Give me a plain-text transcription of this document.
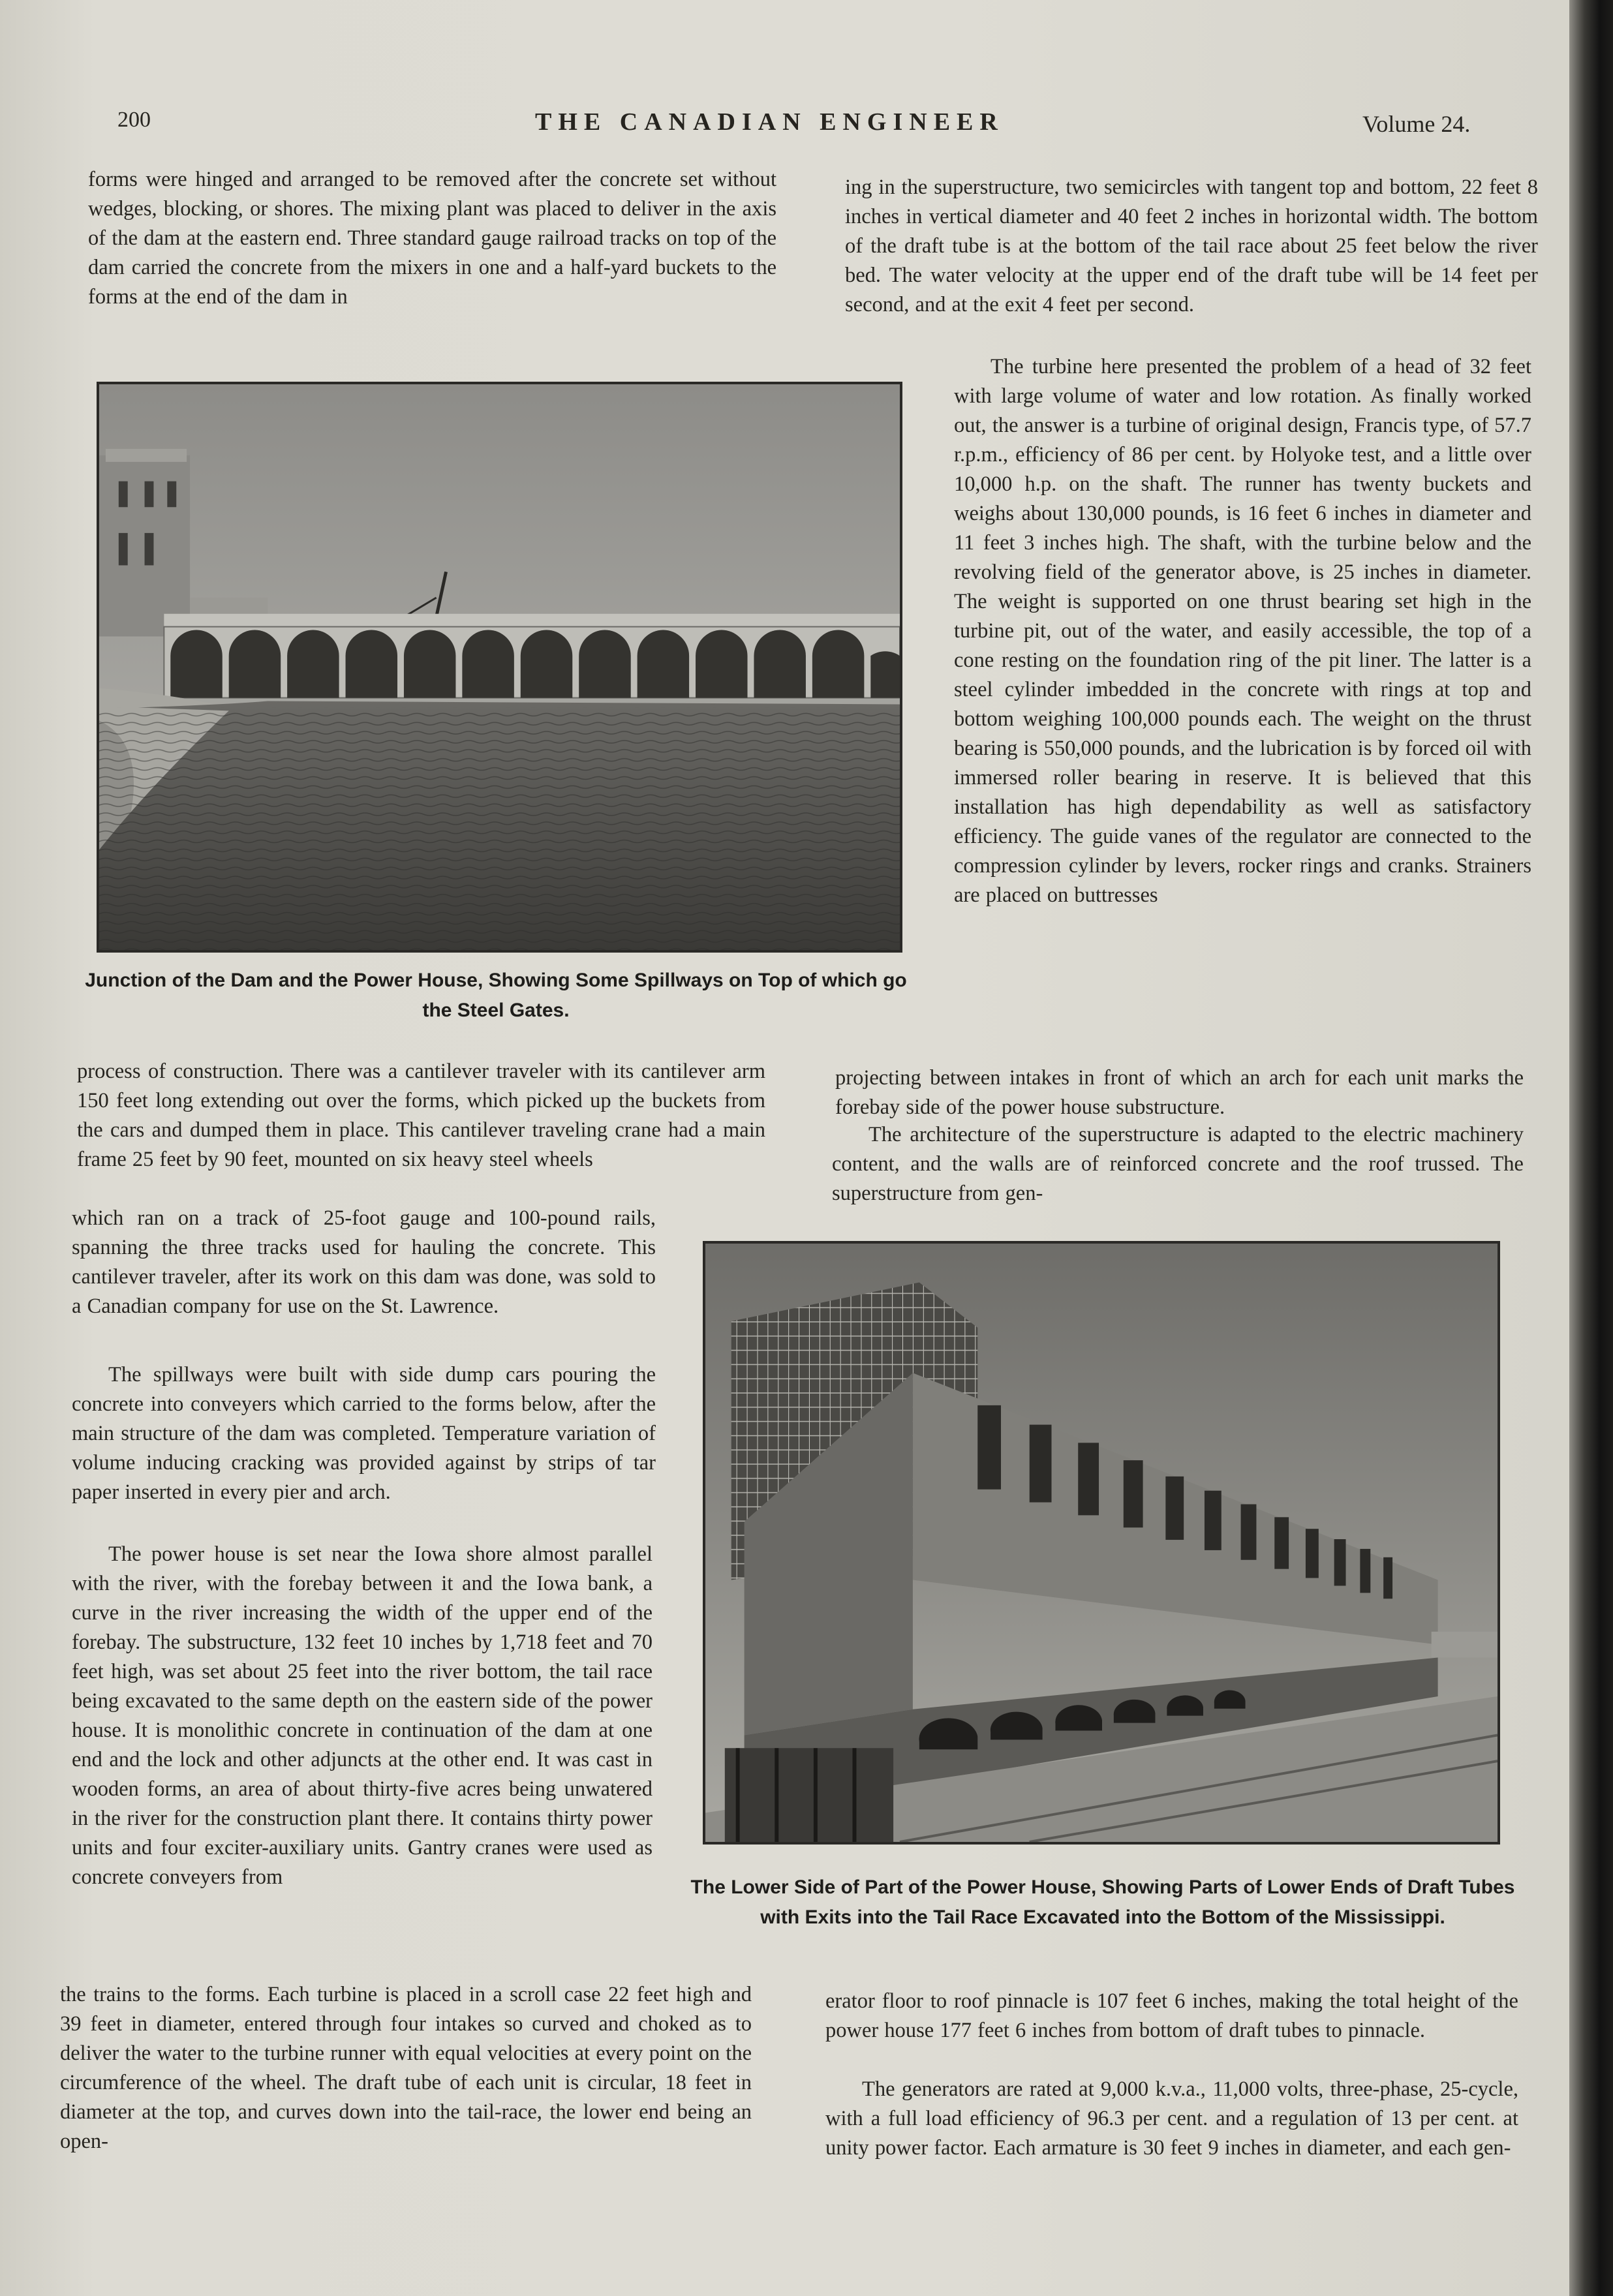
200	THE CANADIAN ENGINEER	Volume 24.

forms were hinged and arranged to be removed after the concrete set without wedges, blocking, or shores. The mixing plant was placed to deliver in the axis of the dam at the eastern end. Three standard gauge railroad tracks on top of the dam carried the concrete from the mixers in one and a half-yard buckets to the forms at the end of the dam in

Junction of the Dam and the Power House, Showing Some Spillways on Top of which go the Steel Gates.

process of construction. There was a cantilever traveler with its cantilever arm 150 feet long extending out over the forms, which picked up the buckets from the cars and dumped them in place. This cantilever traveling crane had a main frame 25 feet by 90 feet, mounted on six heavy steel wheels

which ran on a track of 25-foot gauge and 100-pound rails, spanning the three tracks used for hauling the concrete. This cantilever traveler, after its work on this dam was done, was sold to a Canadian company for use on the St. Lawrence.

The spillways were built with side dump cars pouring the concrete into conveyers which carried to the forms below, after the main structure of the dam was completed. Temperature variation of volume inducing cracking was provided against by strips of tar paper inserted in every pier and arch.

The power house is set near the Iowa shore almost parallel with the river, with the forebay between it and the Iowa bank, a curve in the river increasing the width of the upper end of the forebay. The substructure, 132 feet 10 inches by 1,718 feet and 70 feet high, was set about 25 feet into the river bottom, the tail race being excavated to the same depth on the eastern side of the power house. It is monolithic concrete in continuation of the dam at one end and the lock and other adjuncts at the other end. It was cast in wooden forms, an area of about thirty-five acres being unwatered in the river for the construction plant there. It contains thirty power units and four exciter-auxiliary units. Gantry cranes were used as concrete conveyers from

the trains to the forms. Each turbine is placed in a scroll case 22 feet high and 39 feet in diameter, entered through four intakes so curved and choked as to deliver the water to the turbine runner with equal velocities at every point on the circumference of the wheel. The draft tube of each unit is circular, 18 feet in diameter at the top, and curves down into the tail-race, the lower end being an open-

ing in the superstructure, two semicircles with tangent top and bottom, 22 feet 8 inches in vertical diameter and 40 feet 2 inches in horizontal width. The bottom of the draft tube is at the bottom of the tail race about 25 feet below the river bed. The water velocity at the upper end of the draft tube will be 14 feet per second, and at the exit 4 feet per second.

The turbine here presented the problem of a head of 32 feet with large volume of water and low rotation. As finally worked out, the answer is a turbine of original design, Francis type, of 57.7 r.p.m., efficiency of 86 per cent. by Holyoke test, and a little over 10,000 h.p. on the shaft. The runner has twenty buckets and weighs about 130,000 pounds, is 16 feet 6 inches in diameter and 11 feet 3 inches high. The shaft, with the turbine below and the revolving field of the generator above, is 25 inches in diameter. The weight is supported on one thrust bearing set high in the turbine pit, out of the water, and easily accessible, the top of a cone resting on the foundation ring of the pit liner. The latter is a steel cylinder imbedded in the concrete with rings at top and bottom weighing 100,000 pounds each. The weight on the thrust bearing is 550,000 pounds, and the lubrication is by forced oil with immersed roller bearing in reserve. It is believed that this installation has high dependability as well as satisfactory efficiency. The guide vanes of the regulator are connected to the compression cylinder by levers, rocker rings and cranks. Strainers are placed on buttresses

projecting between intakes in front of which an arch for each unit marks the forebay side of the power house substructure.

The architecture of the superstructure is adapted to the electric machinery content, and the walls are of reinforced concrete and the roof trussed. The superstructure from gen-

The Lower Side of Part of the Power House, Showing Parts of Lower Ends of Draft Tubes with Exits into the Tail Race Excavated into the Bottom of the Mississippi.

erator floor to roof pinnacle is 107 feet 6 inches, making the total height of the power house 177 feet 6 inches from bottom of draft tubes to pinnacle.

The generators are rated at 9,000 k.v.a., 11,000 volts, three-phase, 25-cycle, with a full load efficiency of 96.3 per cent. and a regulation of 13 per cent. at unity power factor. Each armature is 30 feet 9 inches in diameter, and each gen-
